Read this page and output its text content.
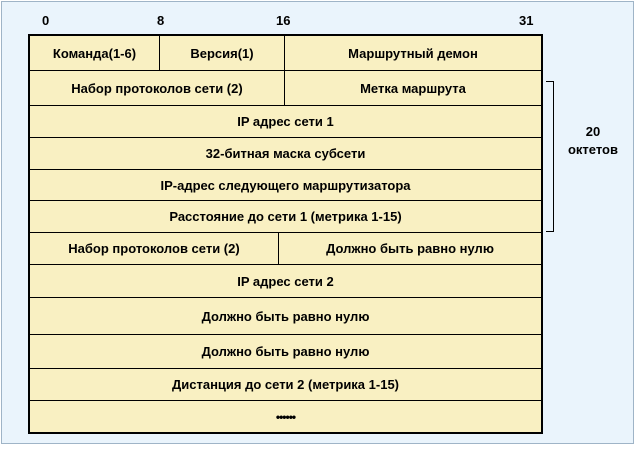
0	8	16	31
Команда(1-6)	Версия(1)	Маршрутный демон
Набор протоколов сети (2)	Метка маршрута
IP адрес сети 1
32-битная маска субсети
IP-адрес следующего маршрутизатора
Расстояние до сети 1 (метрика 1-15)
Набор протоколов сети (2)	Должно быть равно нулю
IP адрес сети 2
Должно быть равно нулю
Должно быть равно нулю
Дистанция до сети 2 (метрика 1-15)
••••••
20
октетов
